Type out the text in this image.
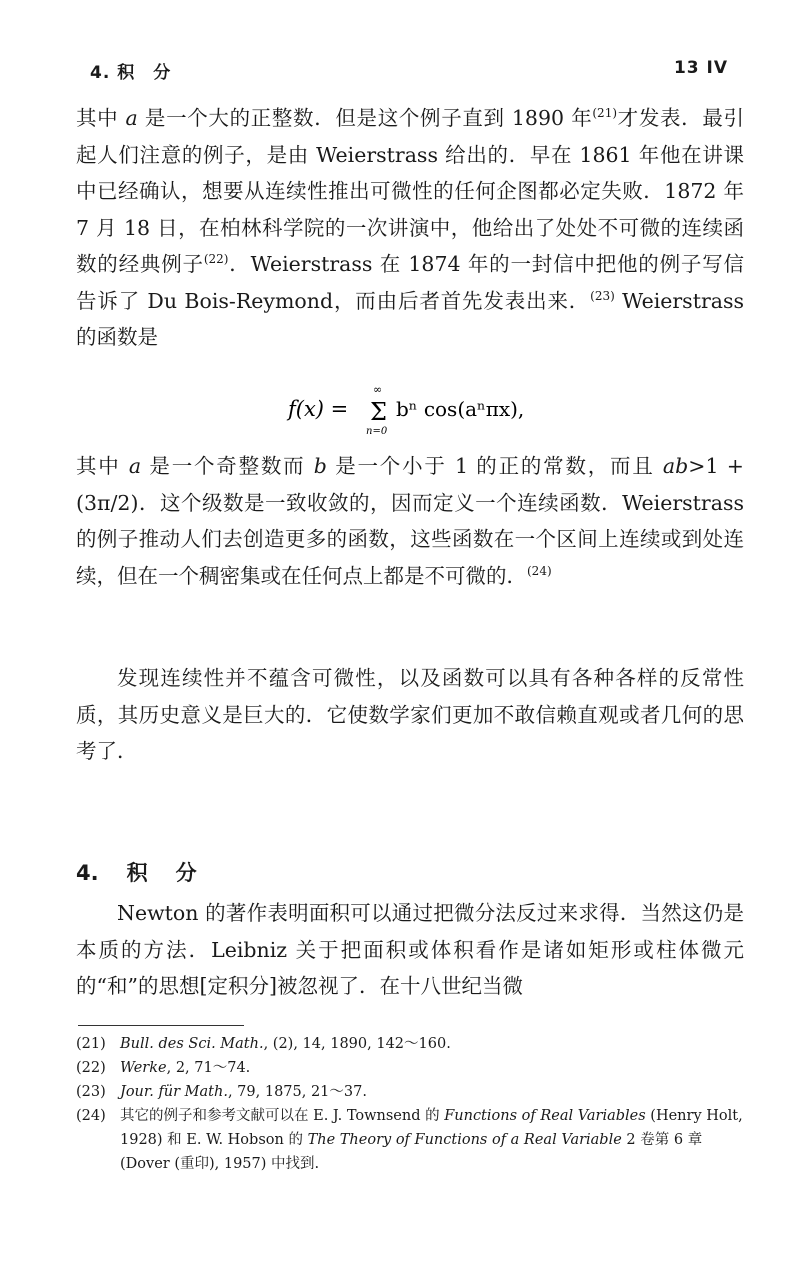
4. 积　分	13 IV

其中 a 是一个大的正整数．但是这个例子直到 1890 年$^{(21)}$才发表．最引起人们注意的例子，是由 Weierstrass 给出的．早在 1861 年他在讲课中已经确认，想要从连续性推出可微性的任何企图都必定失败．1872 年 7 月 18 日，在柏林科学院的一次讲演中，他给出了处处不可微的连续函数的经典例子$^{(22)}$．Weierstrass 在 1874 年的一封信中把他的例子写信告诉了 Du Bois-Reymond，而由后者首先发表出来．$^{(23)}$ Weierstrass 的函数是

f(x) =
∞
Σ
n=0
bⁿ cos(aⁿπx),

其中 a 是一个奇整数而 b 是一个小于 1 的正的常数，而且 ab>1 +(3π/2)．这个级数是一致收敛的，因而定义一个连续函数．Weierstrass 的例子推动人们去创造更多的函数，这些函数在一个区间上连续或到处连续，但在一个稠密集或在任何点上都是不可微的．$^{(24)}$

发现连续性并不蕴含可微性，以及函数可以具有各种各样的反常性质，其历史意义是巨大的．它使数学家们更加不敢信赖直观或者几何的思考了．

4. 积 分

Newton 的著作表明面积可以通过把微分法反过来求得．当然这仍是本质的方法．Leibniz 关于把面积或体积看作是诸如矩形或柱体微元的“和”的思想[定积分]被忽视了．在十八世纪当微

(21) Bull. des Sci. Math., (2), 14, 1890, 142～160.
(22) Werke, 2, 71～74.
(23) Jour. für Math., 79, 1875, 21～37.
(24) 其它的例子和参考文献可以在 E. J. Townsend 的 Functions of Real Variables (Henry Holt, 1928) 和 E. W. Hobson 的 The Theory of Functions of a Real Variable 2 卷第 6 章 (Dover (重印), 1957) 中找到.
